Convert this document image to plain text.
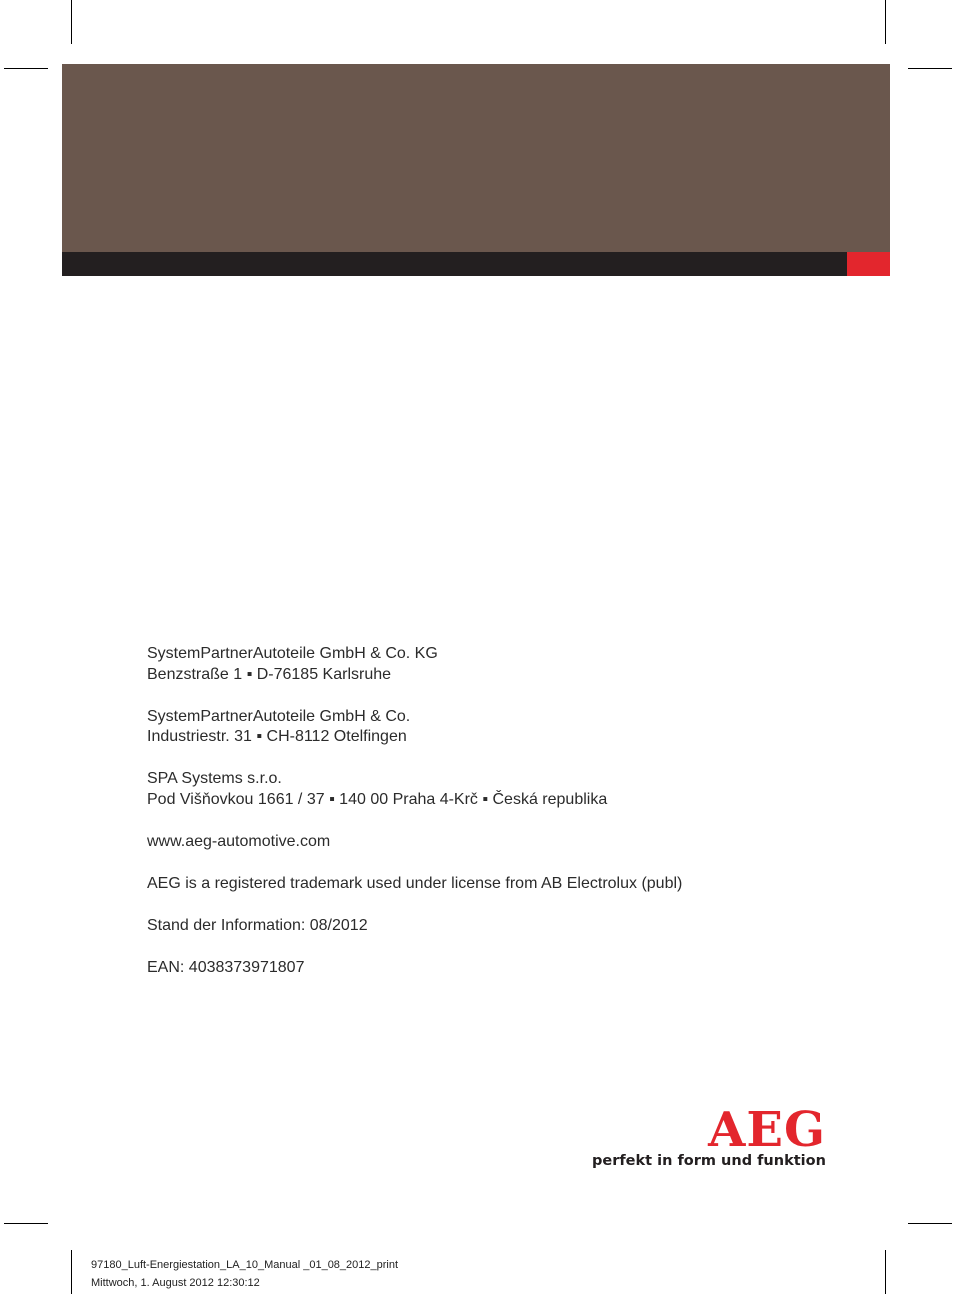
SystemPartnerAutoteile GmbH & Co. KG
Benzstraße 1 ▪ D-76185 Karlsruhe
SystemPartnerAutoteile GmbH & Co.
Industriestr. 31 ▪ CH-8112 Otelfingen
SPA Systems s.r.o.
Pod Višňovkou 1661 / 37 ▪ 140 00 Praha 4-Krč ▪ Česká republika
www.aeg-automotive.com
AEG is a registered trademark used under license from AB Electrolux (publ)
Stand der Information: 08/2012
EAN: 4038373971807
AEG
perfekt in form und funktion
97180_Luft-Energiestation_LA_10_Manual _01_08_2012_print
Mittwoch, 1. August 2012 12:30:12
